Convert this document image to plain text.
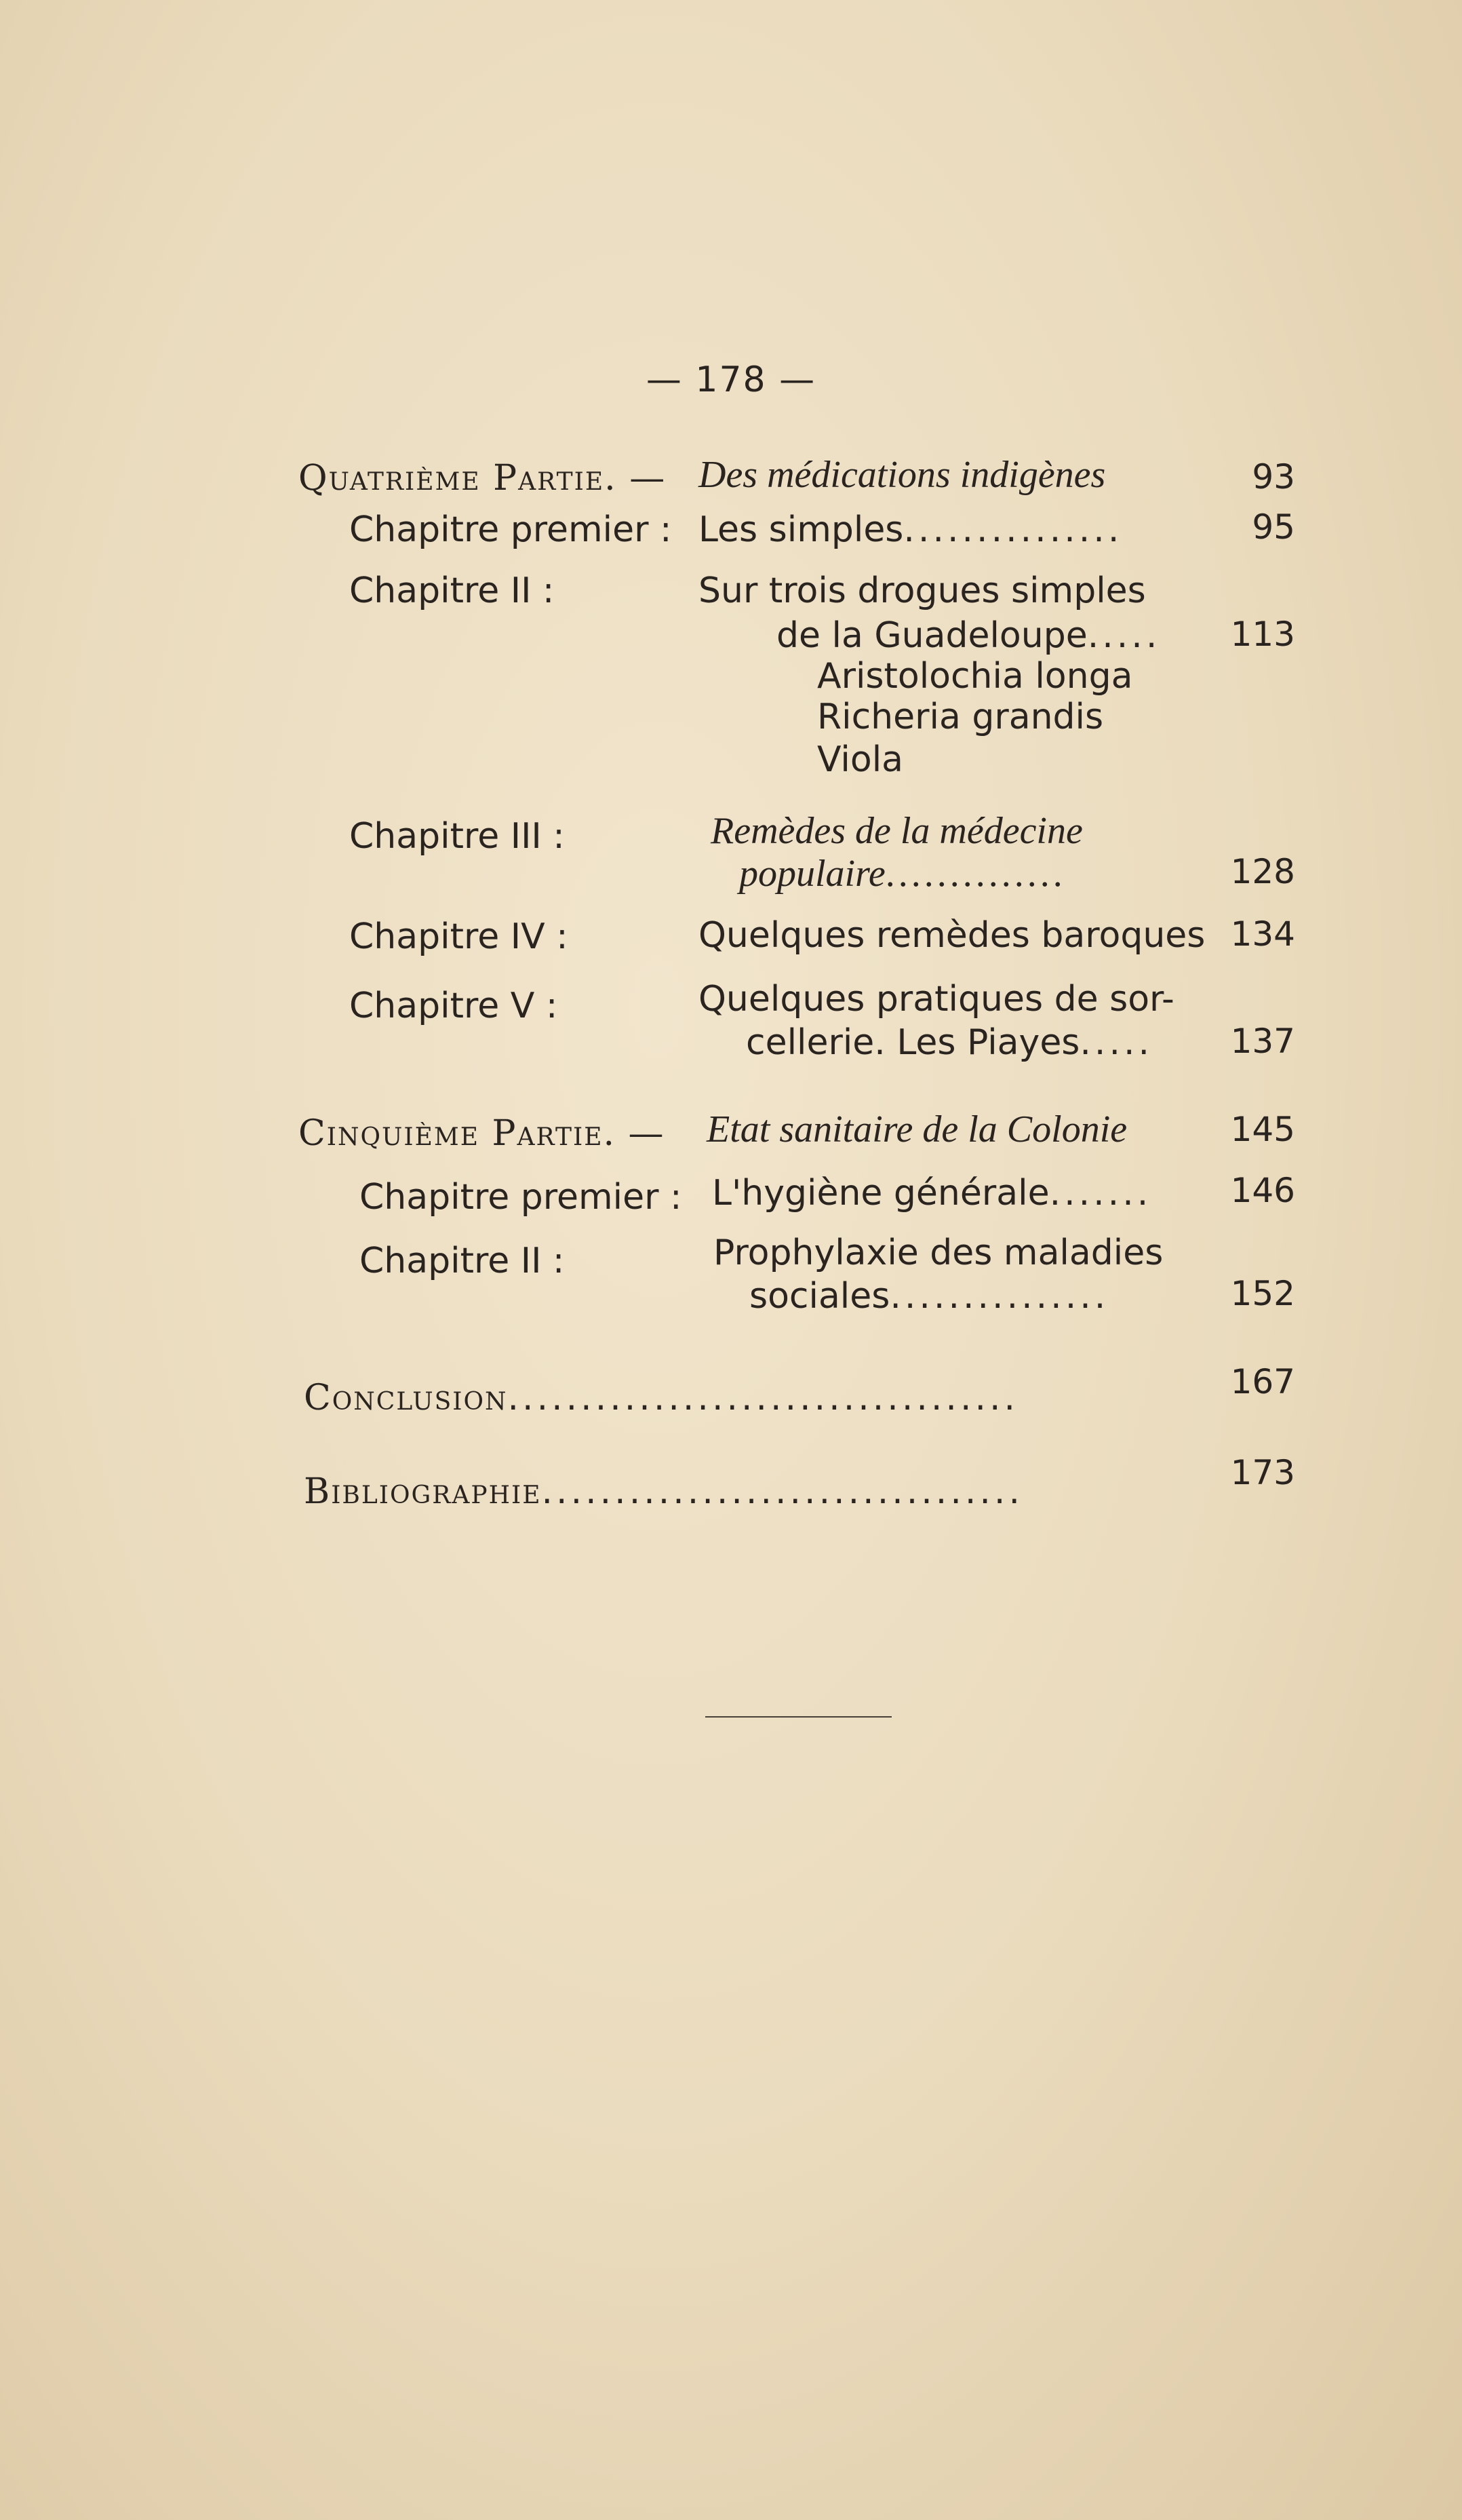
— 178 —
Quatrième Partie. — Des médications indigènes	93
Chapitre premier : Les simples...............	95
Chapitre II :	Sur trois drogues simples
de la Guadeloupe.....	113
Aristolochia longa
Richeria grandis
Viola
Chapitre III :	Remèdes de la médecine
populaire..............	128
Chapitre IV :	Quelques remèdes baroques 134
Chapitre V :	Quelques pratiques de sor-
cellerie. Les Piayes.....	137
Cinquième Partie. — Etat sanitaire de la Colonie	145
Chapitre premier : L'hygiène générale.......	146
Chapitre II :	Prophylaxie des maladies
sociales...............	152
Conclusion...................................	167
Bibliographie.................................	173
